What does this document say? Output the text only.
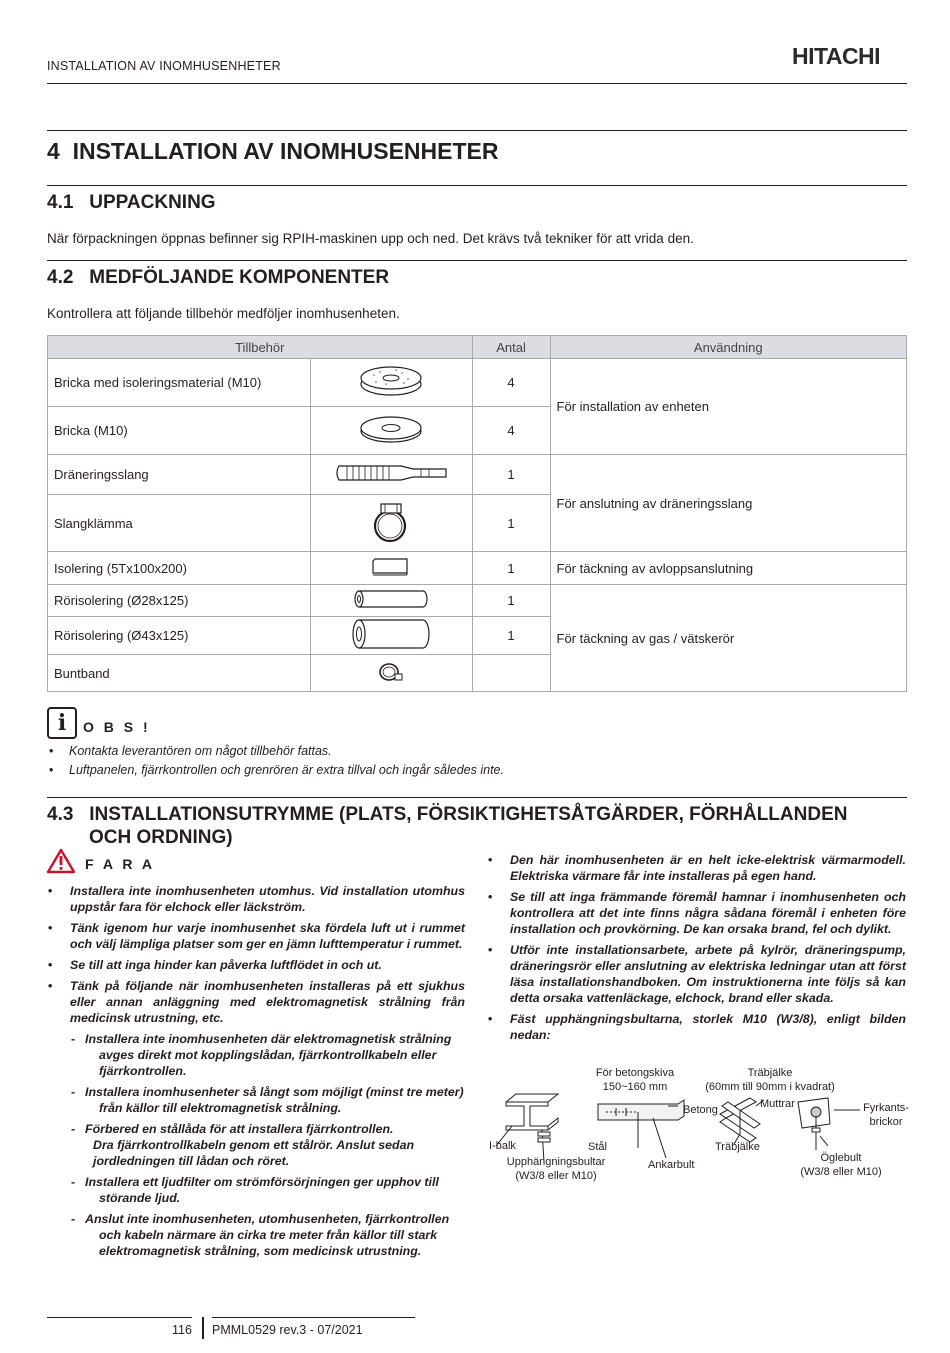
INSTALLATION AV INOMHUSENHETER	HITACHI
4 INSTALLATION AV INOMHUSENHETER
4.1 UPPACKNING
När förpackningen öppnas befinner sig RPIH-maskinen upp och ned. Det krävs två tekniker för att vrida den.
4.2 MEDFÖLJANDE KOMPONENTER
Kontrollera att följande tillbehör medföljer inomhusenheten.
Tillbehör		Antal	Användning
Bricka med isoleringsmaterial (M10)		4	För installation av enheten
Bricka (M10)		4	
Dräneringsslang		1	För anslutning av dräneringsslang
Slangklämma		1	
Isolering (5Tx100x200)		1	För täckning av avloppsanslutning
Rörisolering (Ø28x125)		1	För täckning av gas / vätskerör
Rörisolering (Ø43x125)		1	
Buntband		
i	O B S !
• Kontakta leverantören om något tillbehör fattas.
• Luftpanelen, fjärrkontrollen och grenrören är extra tillval och ingår således inte.
4.3 INSTALLATIONSUTRYMME (PLATS, FÖRSIKTIGHETSÅTGÄRDER, FÖRHÅLLANDEN
OCH ORDNING)
F A R A
• Installera inte inomhusenheten utomhus. Vid installation utomhus uppstår fara för elchock eller läckström.
• Tänk igenom hur varje inomhusenhet ska fördela luft ut i rummet och välj lämpliga platser som ger en jämn lufttemperatur i rummet.
• Se till att inga hinder kan påverka luftflödet in och ut.
• Tänk på följande när inomhusenheten installeras på ett sjukhus eller annan anläggning med elektromagnetisk strålning från medicinsk utrustning, etc.
- Installera inte inomhusenheten där elektromagnetisk strålning avges direkt mot kopplingslådan, fjärrkontrollkabeln eller fjärrkontrollen.
- Installera inomhusenheter så långt som möjligt (minst tre meter) från källor till elektromagnetisk strålning.
- Förbered en stållåda för att installera fjärrkontrollen.
Dra fjärrkontrollkabeln genom ett stålrör. Anslut sedan jordledningen till lådan och röret.
- Installera ett ljudfilter om strömförsörjningen ger upphov till störande ljud.
- Anslut inte inomhusenheten, utomhusenheten, fjärrkontrollen och kabeln närmare än cirka tre meter från källor till stark elektromagnetisk strålning, som medicinsk utrustning.
• Den här inomhusenheten är en helt icke-elektrisk värmarmodell. Elektriska värmare får inte installeras på egen hand.
• Se till att inga främmande föremål hamnar i inomhusenheten och kontrollera att det inte finns några sådana föremål i enheten före installation och provkörning. De kan orsaka brand, fel och dylikt.
• Utför inte installationsarbete, arbete på kylrör, dräneringspump, dräneringsrör eller anslutning av elektriska ledningar utan att först läsa installationshandboken. Om instruktionerna inte följs så kan detta orsaka vattenläckage, elchock, brand eller skada.
• Fäst upphängningsbultarna, storlek M10 (W3/8), enligt bilden nedan:
För betongskiva
150~160 mm
Träbjälke
(60mm till 90mm i kvadrat)
Betong	Muttrar	Fyrkants-
brickor
I-balk	Stål
Upphängningsbultar
(W3/8 eller M10)
Ankarbult
Träbjälke
Öglebult
(W3/8 eller M10)
116 PMML0529 rev.3 - 07/2021
